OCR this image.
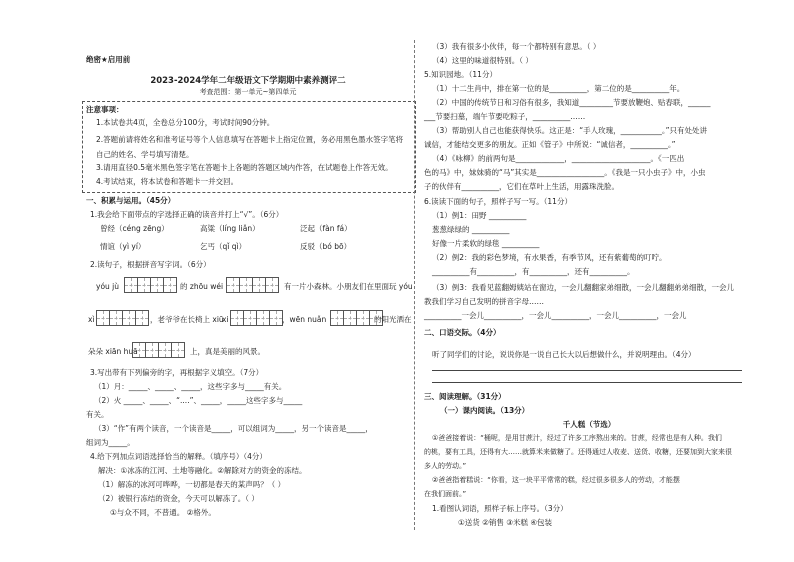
绝密★启用前
2023-2024学年二年级语文下学期期中素养测评二
考查范围：第一单元~第四单元
注意事项：
1.本试卷共4页，全卷总分100分，考试时间90分钟。
2.答题前请将姓名和准考证号等个人信息填写在答题卡上指定位置，务必用黑色墨水签字笔将自己的姓名、学号填写清楚。
3.请用直径0.5毫米黑色签字笔在答题卡上各题的答题区域内作答，在试题卷上作答无效。
4.考试结束，将本试卷和答题卡一并交回。
一、积累与运用。（45分）
1.我会给下面带点的字选择正确的读音并打上“√”。（6分）
曾经（céng zēng）	高粱（líng liǎn）	泛起（fàn fá）
情谊（yì yí）	乞丐（qǐ qì）	反驳（bó bō）
2.读句子，根据拼音写字词。（6分）
yóu jù	的 zhōu wéi	有一片小森林。小朋友们在里面玩 yóu
xì	，老爷爷在长椅上 xiū
xi	，wēn nuǎn	的阳光洒在
朵朵 xiān huā	上，真是美丽的风景。
3.写出带有下列偏旁的字，再根据字义填空。（7分）
（1）月：_____、_____、_____，这些字多与_____有关。
（2）火 _____、_____、“....”、_____，_____这些字多与_____
有关。
（3）“作”有两个读音，一个读音是_____，可以组词为_____，另一个读音是_____，
组词为_____。
4.给下列加点词语选择恰当的解释。（填序号）（4分）
解决：①冰冻的江河、土地等融化。②解除对方的资金的冻结。
（1）解冻的冰河可哗哗，一切都是春天的某声吗？（ ）
（2）被银行冻结的资金，今天可以解冻了。（ ）
①与众不同，不普通。 ②格外。
（3）我有很多小伙伴，每一个都特别有意思。（ ）
（4）这里的味道很特别。（ ）
5.知识园地。（11分）
（1）十二生肖中，排在第一位的是__________，第二位的是__________年。
（2）中国的传统节日和习俗有很多，我知道_________节要放鞭炮、贴春联，______
___节要扫墓，端午节要吃粽子，__________……
（3）帮助别人自己也能获得快乐。这正是：“手人玫瑰，___________。”只有处处讲
诚信，才能结交更多的朋友。正如《管子》中所说：“诚信者，__________。”
（4）《咏柳》的前两句是_____________，_____________________。《一匹出
色的马》中，妹妹骑的“马”其实是__________________。《我是一只小虫子》中，小虫
子的伙伴有__________，它们在草叶上生活，用露珠洗脸。
6.读读下面的句子，照样子写一写。（11分）
（1）例1：田野 __________
葱葱绿绿的 __________
好像一片柔软的绿毯 __________
（2）例2：我的彩色梦境，有水果香，有季节风，还有紫葡萄的叮咛。
__________有__________，有__________，还有__________。
（3）例3：我看见蓝翻姆姨站在窗边，一会儿翻翻家弟细散，一会儿翻翻弟弟细散，一会儿
教我们学习自己发明的拼音字母……
__________一会儿__________，一会儿__________，一会儿__________，一会儿
二、口语交际。（4分）
听了同学们的讨论，说说你是一说自己长大以后想做什么，并说明理由。（4分）
三、阅读理解。（31分）
（一）课内阅读。（13分）
千人糕（节选）
①爸爸接着说：“桶呢，是用甘蔗汁，经过了许多工序熬出来的。甘蔗，经常也是有人种。我们
的桃，要有工具，还得有大……就算米来做糖了。还得通过人收麦、送货、收糖，还要加到大家来很
多人的劳动。”
②爸爸指着糕说：“你看，这一块平平常常的糕，经过很多很多人的劳动，才能摆
在我们面前。”
1.看图认词语，照样子标上序号。（3分）
①送货 ②销售 ③米糕 ④包装
